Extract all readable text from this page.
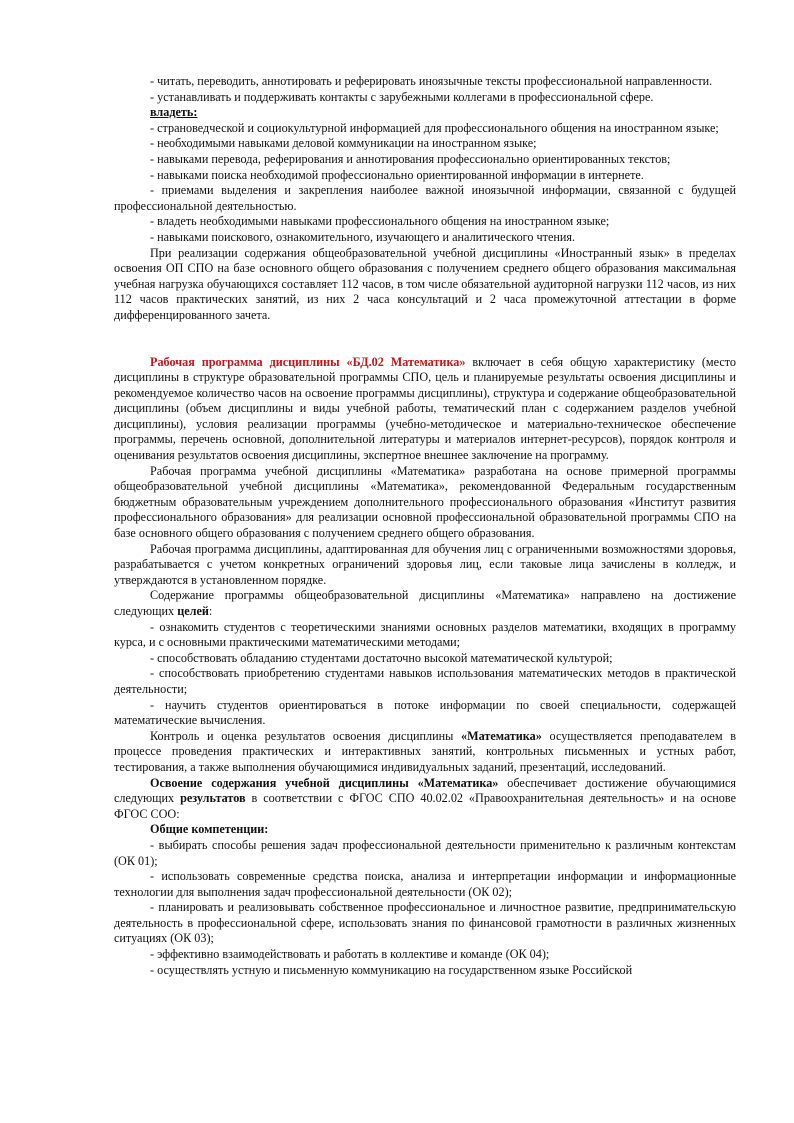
- читать, переводить, аннотировать и реферировать иноязычные тексты профессиональной направленности.

- устанавливать и поддерживать контакты с зарубежными коллегами в профессиональной сфере.

владеть:

- страноведческой и социокультурной информацией для профессионального общения на иностранном языке;

- необходимыми навыками деловой коммуникации на иностранном языке;

- навыками перевода, реферирования и аннотирования профессионально ориентированных текстов;

- навыками поиска необходимой профессионально ориентированной информации в интернете.

- приемами выделения и закрепления наиболее важной иноязычной информации, связанной с будущей профессиональной деятельностью.

- владеть необходимыми навыками профессионального общения на иностранном языке;

- навыками поискового, ознакомительного, изучающего и аналитического чтения.

При реализации содержания общеобразовательной учебной дисциплины «Иностранный язык» в пределах освоения ОП СПО на базе основного общего образования с получением среднего общего образования максимальная учебная нагрузка обучающихся составляет 112 часов, в том числе обязательной аудиторной нагрузки 112 часов, из них 112 часов практических занятий, из них 2 часа консультаций и 2 часа промежуточной аттестации в форме дифференцированного зачета.

Рабочая программа дисциплины «БД.02 Математика» включает в себя общую характеристику (место дисциплины в структуре образовательной программы СПО, цель и планируемые результаты освоения дисциплины и рекомендуемое количество часов на освоение программы дисциплины), структура и содержание общеобразовательной дисциплины (объем дисциплины и виды учебной работы, тематический план с содержанием разделов учебной дисциплины), условия реализации программы (учебно-методическое и материально-техническое обеспечение программы, перечень основной, дополнительной литературы и материалов интернет-ресурсов), порядок контроля и оценивания результатов освоения дисциплины, экспертное внешнее заключение на программу.

Рабочая программа учебной дисциплины «Математика» разработана на основе примерной программы общеобразовательной учебной дисциплины «Математика», рекомендованной Федеральным государственным бюджетным образовательным учреждением дополнительного профессионального образования «Институт развития профессионального образования» для реализации основной профессиональной образовательной программы СПО на базе основного общего образования с получением среднего общего образования.

Рабочая программа дисциплины, адаптированная для обучения лиц с ограниченными возможностями здоровья, разрабатывается с учетом конкретных ограничений здоровья лиц, если таковые лица зачислены в колледж, и утверждаются в установленном порядке.

Содержание программы общеобразовательной дисциплины «Математика» направлено на достижение следующих целей:

- ознакомить студентов с теоретическими знаниями основных разделов математики, входящих в программу курса, и с основными практическими математическими методами;

- способствовать обладанию студентами достаточно высокой математической культурой;

- способствовать приобретению студентами навыков использования математических методов в практической деятельности;

- научить студентов ориентироваться в потоке информации по своей специальности, содержащей математические вычисления.

Контроль и оценка результатов освоения дисциплины «Математика» осуществляется преподавателем в процессе проведения практических и интерактивных занятий, контрольных письменных и устных работ, тестирования, а также выполнения обучающимися индивидуальных заданий, презентаций, исследований.

Освоение содержания учебной дисциплины «Математика» обеспечивает достижение обучающимися следующих результатов в соответствии с ФГОС СПО 40.02.02 «Правоохранительная деятельность» и на основе ФГОС СОО:

Общие компетенции:

- выбирать способы решения задач профессиональной деятельности применительно к различным контекстам (ОК 01);

- использовать современные средства поиска, анализа и интерпретации информации и информационные технологии для выполнения задач профессиональной деятельности (ОК 02);

- планировать и реализовывать собственное профессиональное и личностное развитие, предпринимательскую деятельность в профессиональной сфере, использовать знания по финансовой грамотности в различных жизненных ситуациях (ОК 03);

- эффективно взаимодействовать и работать в коллективе и команде (ОК 04);

- осуществлять устную и письменную коммуникацию на государственном языке Российской
